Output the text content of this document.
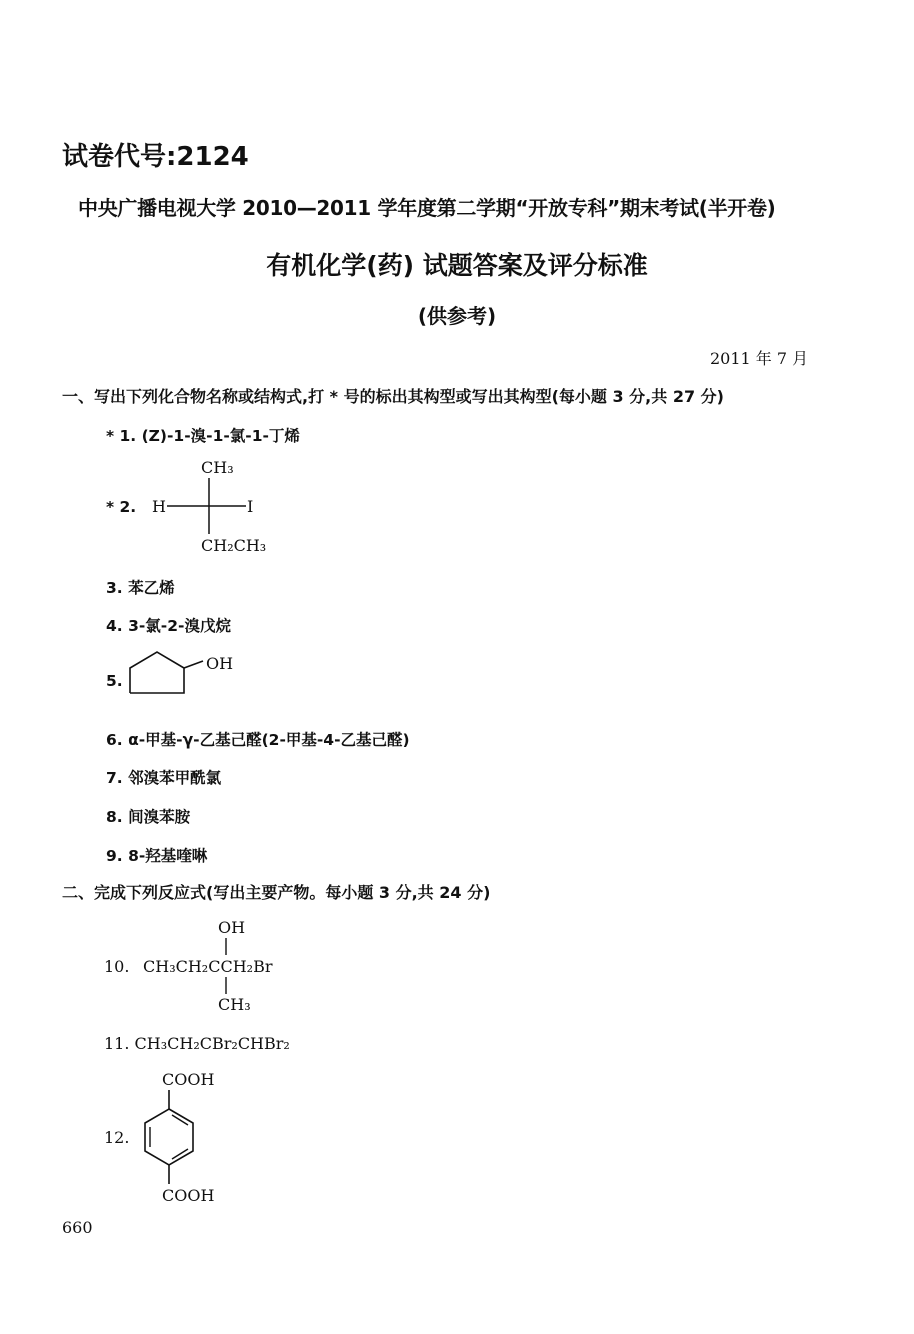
试卷代号:2124
中央广播电视大学 2010—2011 学年度第二学期“开放专科”期末考试(半开卷)
有机化学(药) 试题答案及评分标准
(供参考)
2011 年 7 月
一、写出下列化合物名称或结构式,打 * 号的标出其构型或写出其构型(每小题 3 分,共 27 分)
* 1. (Z)-1-溴-1-氯-1-丁烯
* 2.
CH₃
H	I
CH₂CH₃
3. 苯乙烯
4. 3-氯-2-溴戊烷
5.
OH
6. α-甲基-γ-乙基己醛(2-甲基-4-乙基己醛)
7. 邻溴苯甲酰氯
8. 间溴苯胺
9. 8-羟基喹啉
二、完成下列反应式(写出主要产物。每小题 3 分,共 24 分)
OH
10. CH₃CH₂CCH₂Br
CH₃
11. CH₃CH₂CBr₂CHBr₂
COOH
12.
COOH
660
